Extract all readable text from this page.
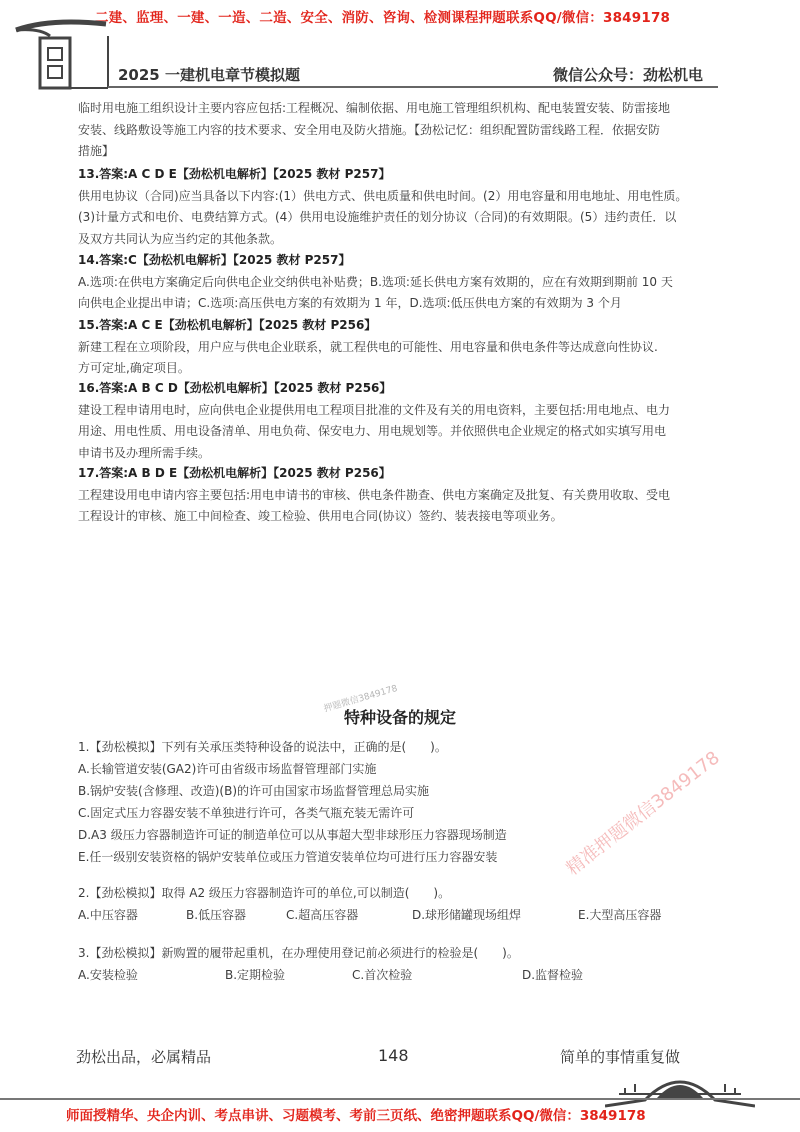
二建、监理、一建、一造、二造、安全、消防、咨询、检测课程押题联系QQ/微信：3849178
2025 一建机电章节模拟题	微信公众号：劲松机电

临时用电施工组织设计主要内容应包括:工程概况、编制依据、用电施工管理组织机构、配电装置安装、防雷接地

安装、线路敷设等施工内容的技术要求、安全用电及防火措施。【劲松记忆：组织配置防雷线路工程．依据安防

措施】

13.答案:A C D E【劲松机电解析】【2025 教材 P257】

供用电协议（合同)应当具备以下内容:(1）供电方式、供电质量和供电时间。(2）用电容量和用电地址、用电性质。

(3)计量方式和电价、电费结算方式。(4）供用电设施维护责任的划分协议（合同)的有效期限。(5）违约责任．以

及双方共同认为应当约定的其他条款。

14.答案:C【劲松机电解析】【2025 教材 P257】

A.选项:在供电方案确定后向供电企业交纳供电补贴费；B.选项:延长供电方案有效期的，应在有效期到期前 10 天

向供电企业提出申请；C.选项:高压供电方案的有效期为 1 年，D.选项:低压供电方案的有效期为 3 个月

15.答案:A C E【劲松机电解析】【2025 教材 P256】

新建工程在立项阶段，用户应与供电企业联系，就工程供电的可能性、用电容量和供电条件等达成意向性协议.

方可定址,确定项目。

16.答案:A B C D【劲松机电解析】【2025 教材 P256】

建设工程申请用电时，应向供电企业提供用电工程项目批准的文件及有关的用电资料，主要包括:用电地点、电力

用途、用电性质、用电设备清单、用电负荷、保安电力、用电规划等。并依照供电企业规定的格式如实填写用电

申请书及办理所需手续。

17.答案:A B D E【劲松机电解析】【2025 教材 P256】

工程建设用电申请内容主要包括:用电申请书的审核、供电条件勘查、供电方案确定及批复、有关费用收取、受电

工程设计的审核、施工中间检查、竣工检验、供用电合同(协议）签约、装表接电等项业务。

押题微信3849178
特种设备的规定
1.【劲松模拟】下列有关承压类特种设备的说法中，正确的是(　　)。
A.长输管道安装(GA2)许可由省级市场监督管理部门实施
B.锅炉安装(含修理、改造)(B)的许可由国家市场监督管理总局实施
C.固定式压力容器安装不单独进行许可，各类气瓶充装无需许可
D.A3 级压力容器制造许可证的制造单位可以从事超大型非球形压力容器现场制造
E.任一级别安装资格的锅炉安装单位或压力管道安装单位均可进行压力容器安装	精准押题微信3849178
2.【劲松模拟】取得 A2 级压力容器制造许可的单位,可以制造(　　)。
A.中压容器	B.低压容器	C.超高压容器	D.球形储罐现场组焊	E.大型高压容器
3.【劲松模拟】新购置的履带起重机，在办理使用登记前必须进行的检验是(　　)。
A.安装检验	B.定期检验	C.首次检验	D.监督检验
劲松出品，必属精品	148	简单的事情重复做
师面授精华、央企内训、考点串讲、习题模考、考前三页纸、绝密押题联系QQ/微信：3849178
